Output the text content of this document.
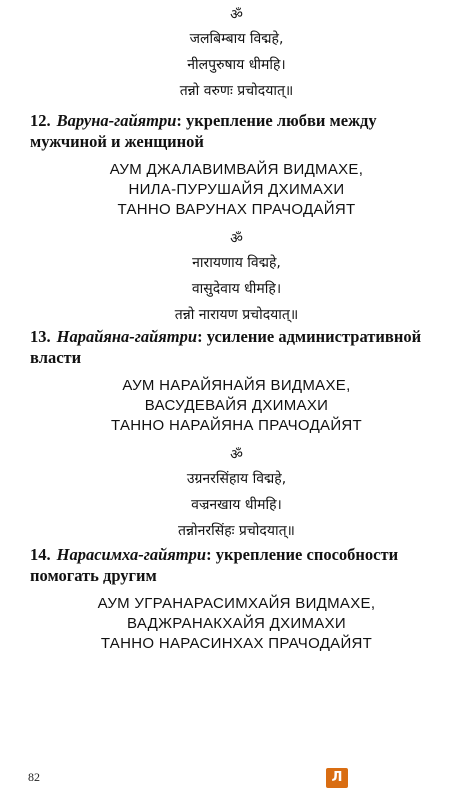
ॐ
जलबिम्बाय विद्महे,
नीलपुरुषाय धीमहि।
तन्नो वरुणः प्रचोदयात्॥
12. Варуна-гайятри: укрепление любви между мужчиной и женщиной
АУМ ДЖАЛАВИМВАЙЯ ВИДМАХЕ,
НИЛА-ПУРУШАЙЯ ДХИМАХИ
ТАННО ВАРУНАХ ПРАЧОДАЙЯТ
ॐ
नारायणाय विद्महे,
वासुदेवाय धीमहि।
तन्नो नारायण प्रचोदयात्॥
13. Нарайяна-гайятри: усиление административной власти
АУМ НАРАЙЯНАЙЯ ВИДМАХЕ,
ВАСУДЕВАЙЯ ДХИМАХИ
ТАННО НАРАЙЯНА ПРАЧОДАЙЯТ
ॐ
उग्रनरसिंहाय विद्महे,
वज्रनखाय धीमहि।
तन्नोनरसिंहः प्रचोदयात्॥
14. Нарасимха-гайятри: укрепление способности помогать другим
АУМ УГРАНАРАСИМХАЙЯ ВИДМАХЕ,
ВАДЖРАНАКХАЙЯ ДХИМАХИ
ТАННО НАРАСИНХАХ ПРАЧОДАЙЯТ
82	Л
